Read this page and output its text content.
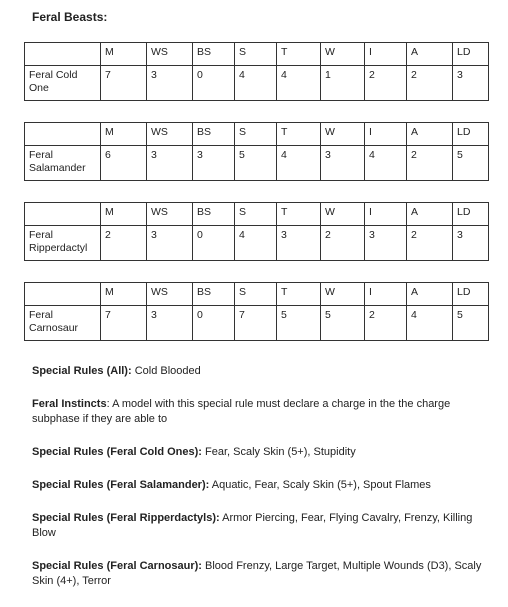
Feral Beasts:
	M	WS	BS	S	T	W	I	A	LD	
Feral Cold One	7	3	0	4	4	1	2	2	3	
	M	WS	BS	S	T	W	I	A	LD	
Feral Salamander	6	3	3	5	4	3	4	2	5	
	M	WS	BS	S	T	W	I	A	LD	
Feral Ripperdactyl	2	3	0	4	3	2	3	2	3	
	M	WS	BS	S	T	W	I	A	LD	
Feral Carnosaur	7	3	0	7	5	5	2	4	5	

Special Rules (All): Cold Blooded

Feral Instincts: A model with this special rule must declare a charge in the the charge subphase if they are able to

Special Rules (Feral Cold Ones): Fear, Scaly Skin (5+), Stupidity

Special Rules (Feral Salamander): Aquatic, Fear, Scaly Skin (5+), Spout Flames

Special Rules (Feral Ripperdactyls): Armor Piercing, Fear, Flying Cavalry, Frenzy, Killing Blow

Special Rules (Feral Carnosaur): Blood Frenzy, Large Target, Multiple Wounds (D3), Scaly Skin (4+), Terror
